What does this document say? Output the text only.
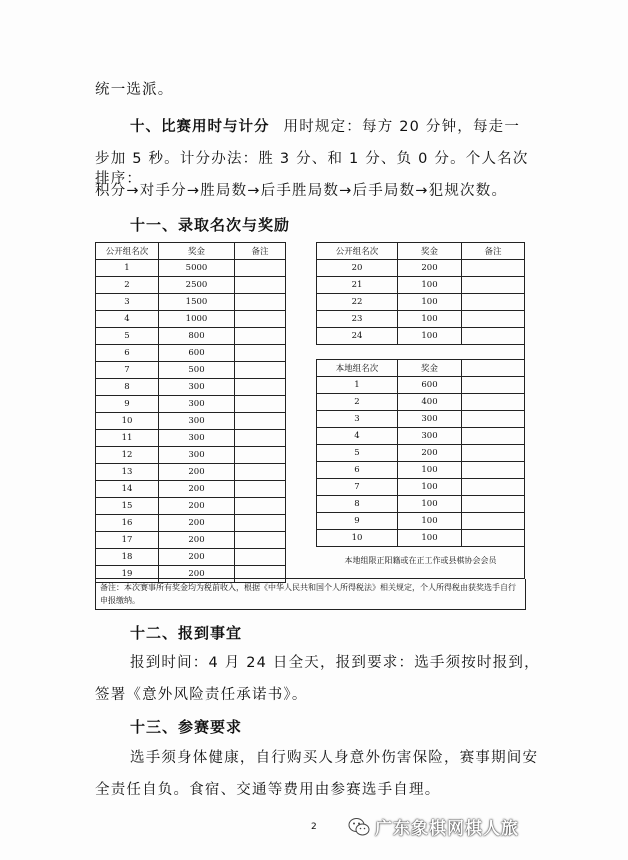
统一选派。
十、比赛用时与计分 用时规定：每方 20 分钟，每走一
步加 5 秒。计分办法：胜 3 分、和 1 分、负 0 分。个人名次排序：
积分→对手分→胜局数→后手胜局数→后手局数→犯规次数。
十一、录取名次与奖励
公开组名次	奖金	备注
1	5000	
2	2500	
3	1500	
4	1000	
5	800	
6	600	
7	500	
8	300	
9	300	
10	300	
11	300	
12	300	
13	200	
14	200	
15	200	
16	200	
17	200	
18	200	
19	200	
公开组名次	奖金	备注
20	200	
21	100	
22	100	
23	100	
24	100	
本地组名次	奖金	
1	600	
2	400	
3	300	
4	300	
5	200	
6	100	
7	100	
8	100	
9	100	
10	100	
本地组限正阳籍或在正工作或县棋协会会员
备注：本次赛事所有奖金均为税前收入，根据《中华人民共和国个人所得税法》相关规定，个人所得税由获奖选手自行申报缴纳。
十二、报到事宜
报到时间：4 月 24 日全天，报到要求：选手须按时报到，
签署《意外风险责任承诺书》。
十三、参赛要求
选手须身体健康，自行购买人身意外伤害保险，赛事期间安
全责任自负。食宿、交通等费用由参赛选手自理。
2	广东象棋网棋人旅
